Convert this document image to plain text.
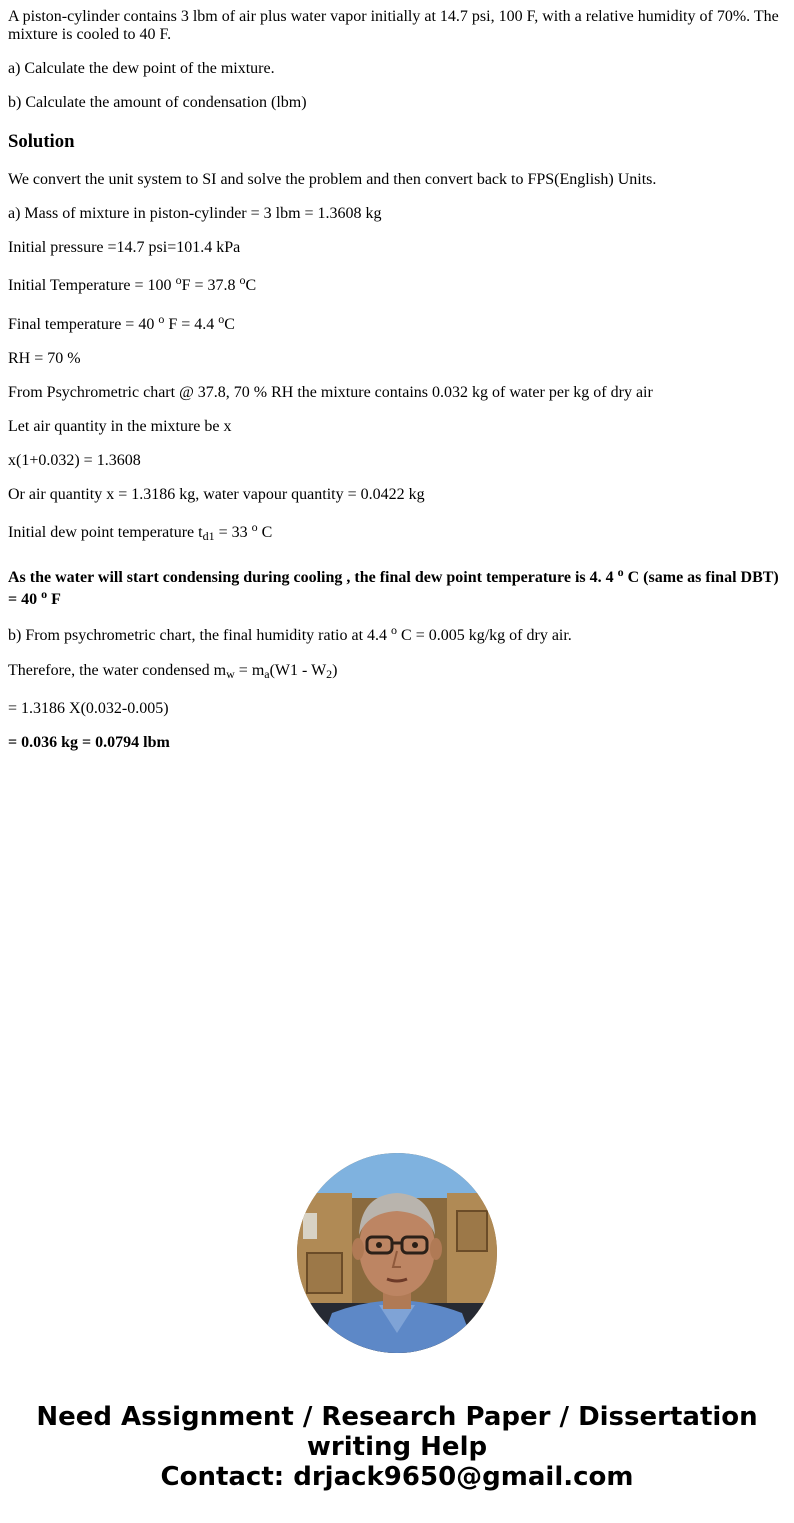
A piston-cylinder contains 3 lbm of air plus water vapor initially at 14.7 psi, 100 F, with a relative humidity of 70%. The mixture is cooled to 40 F.

a) Calculate the dew point of the mixture.

b) Calculate the amount of condensation (lbm)

Solution

We convert the unit system to SI and solve the problem and then convert back to FPS(English) Units.

a) Mass of mixture in piston-cylinder = 3 lbm = 1.3608 kg

Initial pressure =14.7 psi=101.4 kPa

Initial Temperature = 100 $^o$F = 37.8 $^o$C

Final temperature = 40 $^o$ F = 4.4 $^o$C

RH = 70 %

From Psychrometric chart @ 37.8, 70 % RH the mixture contains 0.032 kg of water per kg of dry air

Let air quantity in the mixture be x

x(1+0.032) = 1.3608

Or air quantity x = 1.3186 kg, water vapour quantity = 0.0422 kg

Initial dew point temperature $t_{d1} = 33$ $^o$ C

As the water will start condensing during cooling , the final dew point temperature is 4. 4 $^o$ C (same as final DBT) = 40 $^o$ F

b) From psychrometric chart, the final humidity ratio at 4.4 $^o$ C = 0.005 kg/kg of dry air.

Therefore, the water condensed $m_w = m_a(W1 - W_2)$

= 1.3186 X(0.032-0.005)

= 0.036 kg = 0.0794 lbm

Need Assignment / Research Paper / Dissertation
writing Help
Contact: drjack9650@gmail.com
